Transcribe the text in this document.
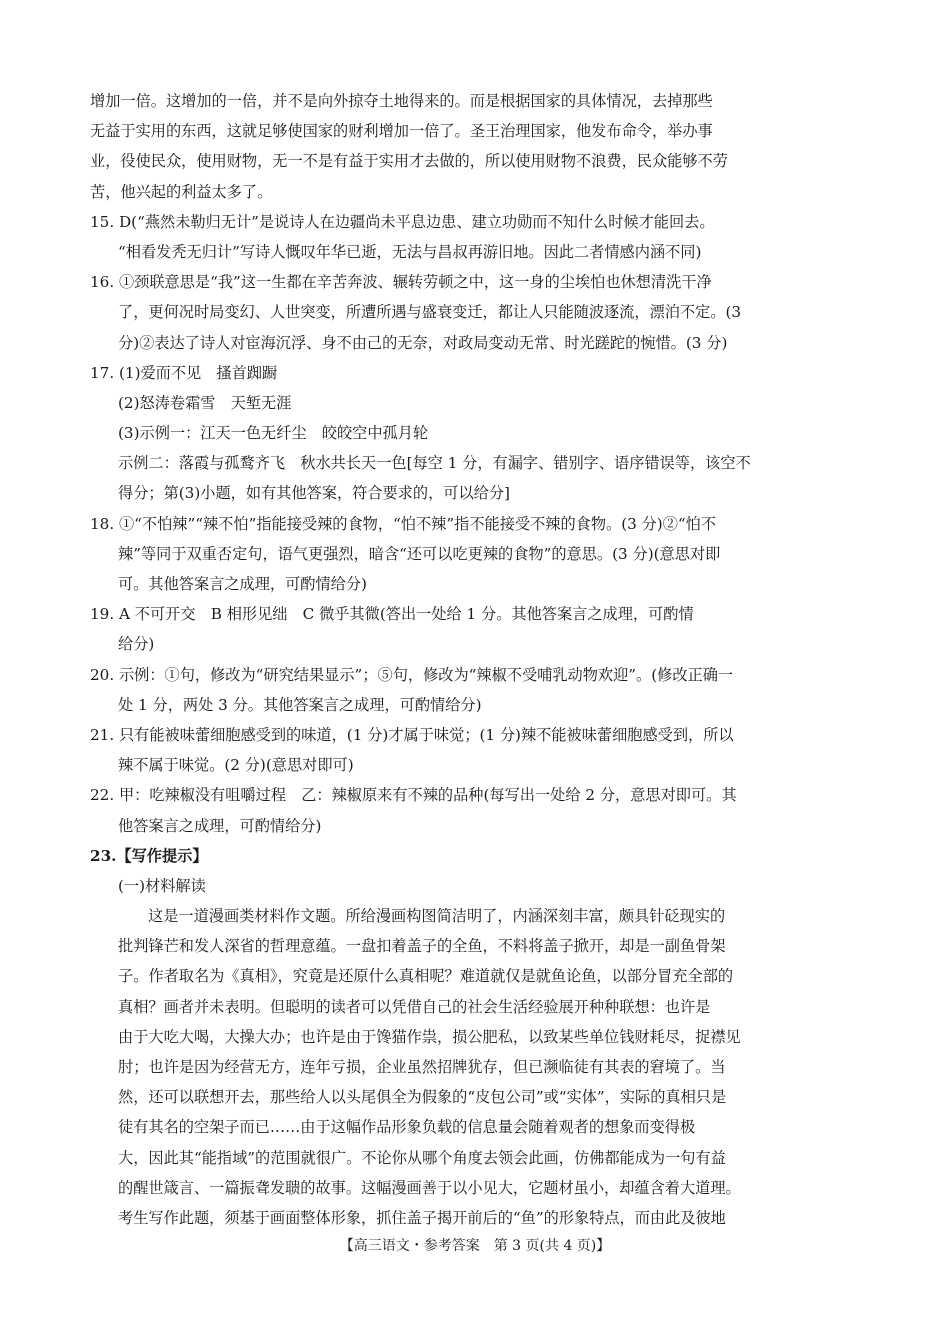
增加一倍。这增加的一倍，并不是向外掠夺土地得来的。而是根据国家的具体情况，去掉那些
无益于实用的东西，这就足够使国家的财利增加一倍了。圣王治理国家，他发布命令，举办事
业，役使民众，使用财物，无一不是有益于实用才去做的，所以使用财物不浪费，民众能够不劳
苦，他兴起的利益太多了。
15. D(“燕然未勒归无计”是说诗人在边疆尚未平息边患、建立功勋而不知什么时候才能回去。
“相看发秃无归计”写诗人慨叹年华已逝，无法与昌叔再游旧地。因此二者情感内涵不同)
16. ①颈联意思是“我”这一生都在辛苦奔波、辗转劳顿之中，这一身的尘埃怕也休想清洗干净
了，更何况时局变幻、人世突变，所遭所遇与盛衰变迁，都让人只能随波逐流，漂泊不定。(3
分)②表达了诗人对宦海沉浮、身不由己的无奈，对政局变动无常、时光蹉跎的惋惜。(3 分)
17. (1)爱而不见　搔首踟蹰
(2)怒涛卷霜雪　天堑无涯
(3)示例一：江天一色无纤尘　皎皎空中孤月轮
示例二：落霞与孤鹜齐飞　秋水共长天一色[每空 1 分，有漏字、错别字、语序错误等，该空不
得分；第(3)小题，如有其他答案，符合要求的，可以给分]
18. ①“不怕辣”“辣不怕”指能接受辣的食物，“怕不辣”指不能接受不辣的食物。(3 分)②“怕不
辣”等同于双重否定句，语气更强烈，暗含“还可以吃更辣的食物”的意思。(3 分)(意思对即
可。其他答案言之成理，可酌情给分)
19. A 不可开交　B 相形见绌　C 微乎其微(答出一处给 1 分。其他答案言之成理，可酌情
给分)
20. 示例：①句，修改为“研究结果显示”；⑤句，修改为“辣椒不受哺乳动物欢迎”。(修改正确一
处 1 分，两处 3 分。其他答案言之成理，可酌情给分)
21. 只有能被味蕾细胞感受到的味道，(1 分)才属于味觉；(1 分)辣不能被味蕾细胞感受到，所以
辣不属于味觉。(2 分)(意思对即可)
22. 甲：吃辣椒没有咀嚼过程　乙：辣椒原来有不辣的品种(每写出一处给 2 分，意思对即可。其
他答案言之成理，可酌情给分)
23.【写作提示】
(一)材料解读
这是一道漫画类材料作文题。所给漫画构图简洁明了，内涵深刻丰富，颇具针砭现实的
批判锋芒和发人深省的哲理意蕴。一盘扣着盖子的全鱼，不料将盖子掀开，却是一副鱼骨架
子。作者取名为《真相》，究竟是还原什么真相呢？难道就仅是就鱼论鱼，以部分冒充全部的
真相？画者并未表明。但聪明的读者可以凭借自己的社会生活经验展开种种联想：也许是
由于大吃大喝，大操大办；也许是由于馋猫作祟，损公肥私，以致某些单位钱财耗尽，捉襟见
肘；也许是因为经营无方，连年亏损，企业虽然招牌犹存，但已濒临徒有其表的窘境了。当
然，还可以联想开去，那些给人以头尾俱全为假象的“皮包公司”或“实体”，实际的真相只是
徒有其名的空架子而已……由于这幅作品形象负载的信息量会随着观者的想象而变得极
大，因此其“能指域”的范围就很广。不论你从哪个角度去领会此画，仿佛都能成为一句有益
的醒世箴言、一篇振聋发聩的故事。这幅漫画善于以小见大，它题材虽小，却蕴含着大道理。
考生写作此题，须基于画面整体形象，抓住盖子揭开前后的“鱼”的形象特点，而由此及彼地
【高三语文・参考答案　第 3 页(共 4 页)】
